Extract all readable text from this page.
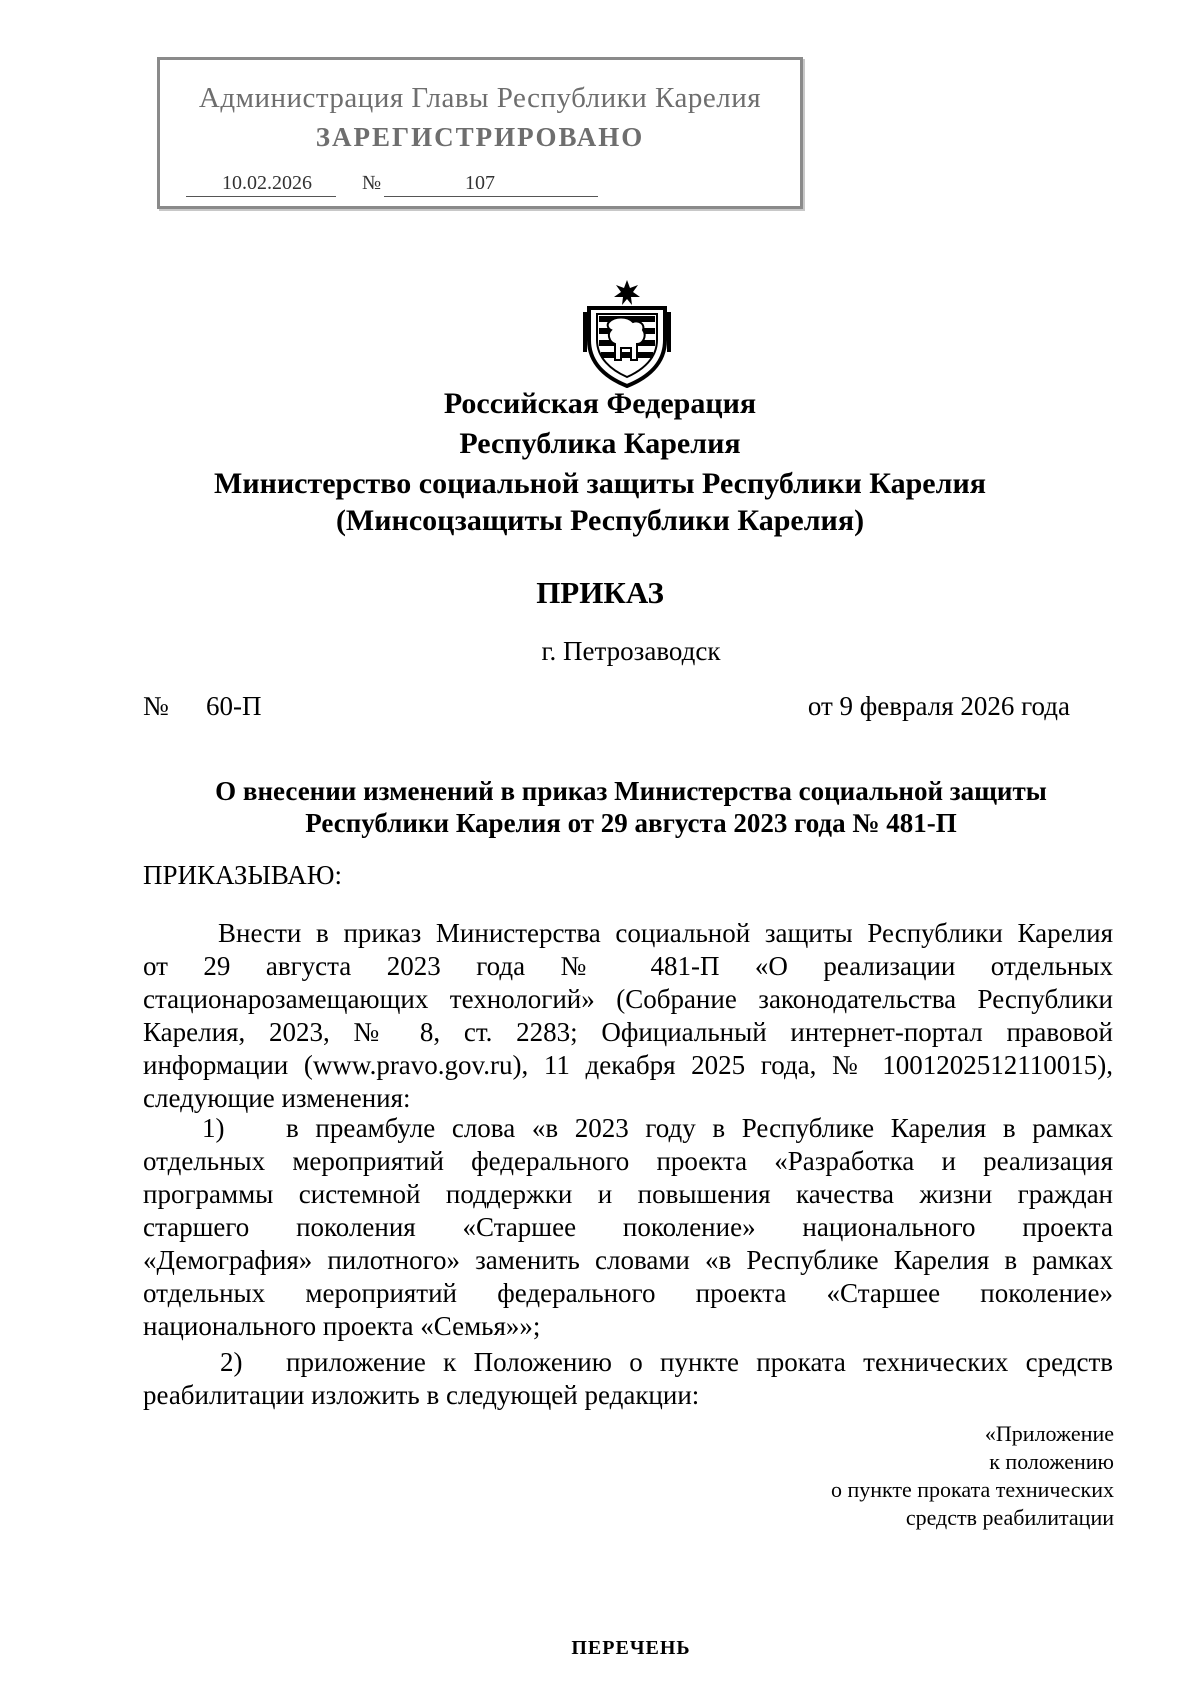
Администрация Главы Республики Карелия
ЗАРЕГИСТРИРОВАНО
10.02.2026	№	107
Российская Федерация
Республика Карелия
Министерство социальной защиты Республики Карелия
(Минсоцзащиты Республики Карелия)
ПРИКАЗ
г. Петрозаводск
№ 60-П	от 9 февраля 2026 года
О внесении изменений в приказ Министерства социальной защиты
Республики Карелия от 29 августа 2023 года № 481-П
ПРИКАЗЫВАЮ:
Внести в приказ Министерства социальной защиты Республики Карелия
от 29 августа 2023 года № 481-П «О реализации отдельных
стационарозамещающих технологий» (Собрание законодательства Республики
Карелия, 2023, № 8, ст. 2283; Официальный интернет-портал правовой
информации (www.pravo.gov.ru), 11 декабря 2025 года, № 1001202512110015),
следующие изменения:
1)	в преамбуле слова «в 2023 году в Республике Карелия в рамках
отдельных мероприятий федерального проекта «Разработка и реализация
программы системной поддержки и повышения качества жизни граждан
старшего поколения «Старшее поколение» национального проекта
«Демография» пилотного» заменить словами «в Республике Карелия в рамках
отдельных мероприятий федерального проекта «Старшее поколение»
национального проекта «Семья»»;
2)	приложение к Положению о пункте проката технических средств
реабилитации изложить в следующей редакции:
«Приложение
к положению
о пункте проката технических
средств реабилитации
ПЕРЕЧЕНЬ
